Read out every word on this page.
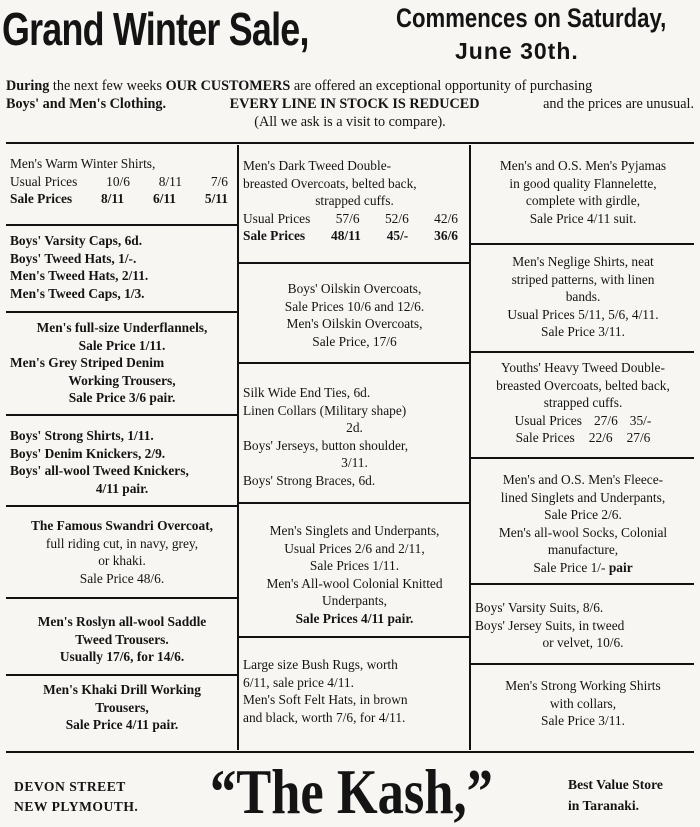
Grand Winter Sale,	Commences on Saturday,
June 30th.
During the next few weeks OUR CUSTOMERS are offered an exceptional opportunity of purchasing
Boys' and Men's Clothing.	EVERY LINE IN STOCK IS REDUCED	and the prices are unusual.
(All we ask is a visit to compare).
Men's Warm Winter Shirts,
Usual Prices 10/6 8/11 7/6
Sale Prices 8/11 6/11 5/11
Boys' Varsity Caps, 6d.
Boys' Tweed Hats, 1/-.
Men's Tweed Hats, 2/11.
Men's Tweed Caps, 1/3.
Men's full-size Underflannels,
Sale Price 1/11.
Men's Grey Striped Denim
Working Trousers,
Sale Price 3/6 pair.
Boys' Strong Shirts, 1/11.
Boys' Denim Knickers, 2/9.
Boys' all-wool Tweed Knickers,
4/11 pair.
The Famous Swandri Overcoat,
full riding cut, in navy, grey,
or khaki.
Sale Price 48/6.
Men's Roslyn all-wool Saddle
Tweed Trousers.
Usually 17/6, for 14/6.
Men's Khaki Drill Working
Trousers,
Sale Price 4/11 pair.
Men's Dark Tweed Double-
breasted Overcoats, belted back,
strapped cuffs.
Usual Prices 57/6 52/6 42/6
Sale Prices 48/11 45/- 36/6
Boys' Oilskin Overcoats,
Sale Prices 10/6 and 12/6.
Men's Oilskin Overcoats,
Sale Price, 17/6
Silk Wide End Ties, 6d.
Linen Collars (Military shape)
2d.
Boys' Jerseys, button shoulder,
3/11.
Boys' Strong Braces, 6d.
Men's Singlets and Underpants,
Usual Prices 2/6 and 2/11,
Sale Prices 1/11.
Men's All-wool Colonial Knitted
Underpants,
Sale Prices 4/11 pair.
Large size Bush Rugs, worth
6/11, sale price 4/11.
Men's Soft Felt Hats, in brown
and black, worth 7/6, for 4/11.
Men's and O.S. Men's Pyjamas
in good quality Flannelette,
complete with girdle,
Sale Price 4/11 suit.
Men's Neglige Shirts, neat
striped patterns, with linen
bands.
Usual Prices 5/11, 5/6, 4/11.
Sale Price 3/11.
Youths' Heavy Tweed Double-
breasted Overcoats, belted back,
strapped cuffs.
Usual Prices 27/6 35/-
Sale Prices 22/6 27/6
Men's and O.S. Men's Fleece-
lined Singlets and Underpants,
Sale Price 2/6.
Men's all-wool Socks, Colonial
manufacture,
Sale Price 1/- pair
Boys' Varsity Suits, 8/6.
Boys' Jersey Suits, in tweed
or velvet, 10/6.
Men's Strong Working Shirts
with collars,
Sale Price 3/11.
DEVON STREET
NEW PLYMOUTH. “The Kash,”	Best Value Store
in Taranaki.
